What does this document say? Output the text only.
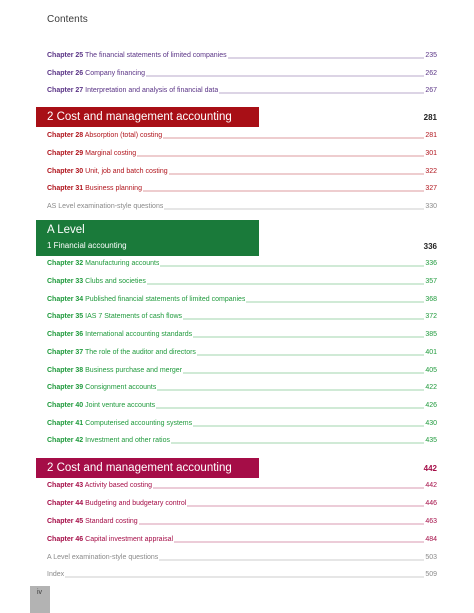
Contents
Chapter 25 The financial statements of limited companies	235
Chapter 26 Company financing	262
Chapter 27 Interpretation and analysis of financial data	267
2 Cost and management accounting	281
Chapter 28 Absorption (total) costing	281
Chapter 29 Marginal costing	301
Chapter 30 Unit, job and batch costing	322
Chapter 31 Business planning	327
AS Level examination-style questions	330
A Level
1 Financial accounting	336
Chapter 32 Manufacturing accounts	336
Chapter 33 Clubs and societies	357
Chapter 34 Published financial statements of limited companies	368
Chapter 35 IAS 7 Statements of cash flows	372
Chapter 36 International accounting standards	385
Chapter 37 The role of the auditor and directors	401
Chapter 38 Business purchase and merger	405
Chapter 39 Consignment accounts	422
Chapter 40 Joint venture accounts	426
Chapter 41 Computerised accounting systems	430
Chapter 42 Investment and other ratios	435
2 Cost and management accounting	442
Chapter 43 Activity based costing	442
Chapter 44 Budgeting and budgetary control	446
Chapter 45 Standard costing	463
Chapter 46 Capital investment appraisal	484
A Level examination-style questions	503
Index	509
iv
